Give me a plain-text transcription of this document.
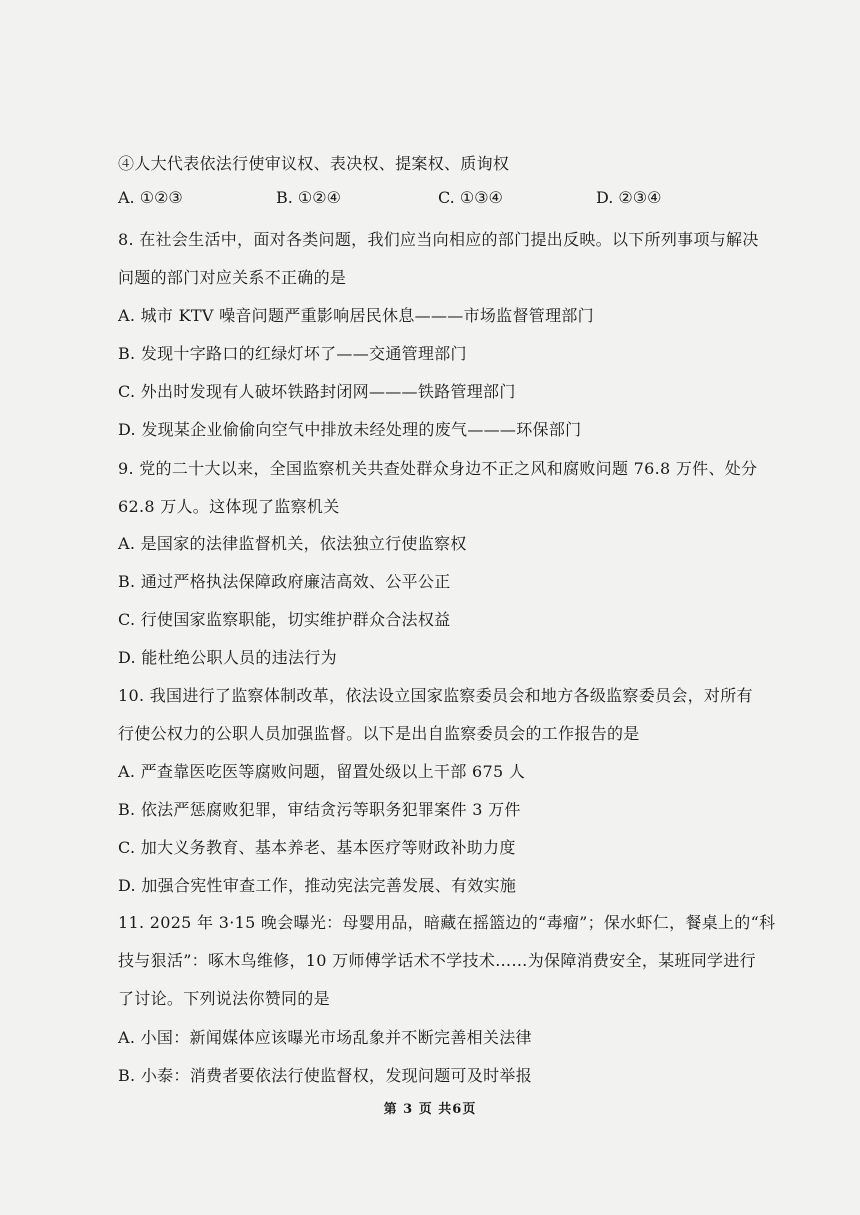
④人大代表依法行使审议权、表决权、提案权、质询权
A. ①②③	B. ①②④	C. ①③④	D. ②③④
8. 在社会生活中，面对各类问题，我们应当向相应的部门提出反映。以下所列事项与解决
问题的部门对应关系不正确的是
A. 城市 KTV 噪音问题严重影响居民休息———市场监督管理部门
B. 发现十字路口的红绿灯坏了——交通管理部门
C. 外出时发现有人破坏铁路封闭网———铁路管理部门
D. 发现某企业偷偷向空气中排放未经处理的废气———环保部门
9. 党的二十大以来，全国监察机关共查处群众身边不正之风和腐败问题 76.8 万件、处分
62.8 万人。这体现了监察机关
A. 是国家的法律监督机关，依法独立行使监察权
B. 通过严格执法保障政府廉洁高效、公平公正
C. 行使国家监察职能，切实维护群众合法权益
D. 能杜绝公职人员的违法行为
10. 我国进行了监察体制改革，依法设立国家监察委员会和地方各级监察委员会，对所有
行使公权力的公职人员加强监督。以下是出自监察委员会的工作报告的是
A. 严查靠医吃医等腐败问题，留置处级以上干部 675 人
B. 依法严惩腐败犯罪，审结贪污等职务犯罪案件 3 万件
C. 加大义务教育、基本养老、基本医疗等财政补助力度
D. 加强合宪性审查工作，推动宪法完善发展、有效实施
11. 2025 年 3·15 晚会曝光：母婴用品，暗藏在摇篮边的“毒瘤”；保水虾仁，餐桌上的“科
技与狠活”：啄木鸟维修，10 万师傅学话术不学技术……为保障消费安全，某班同学进行
了讨论。下列说法你赞同的是
A. 小国：新闻媒体应该曝光市场乱象并不断完善相关法律
B. 小泰：消费者要依法行使监督权，发现问题可及时举报
第 3 页 共6页
